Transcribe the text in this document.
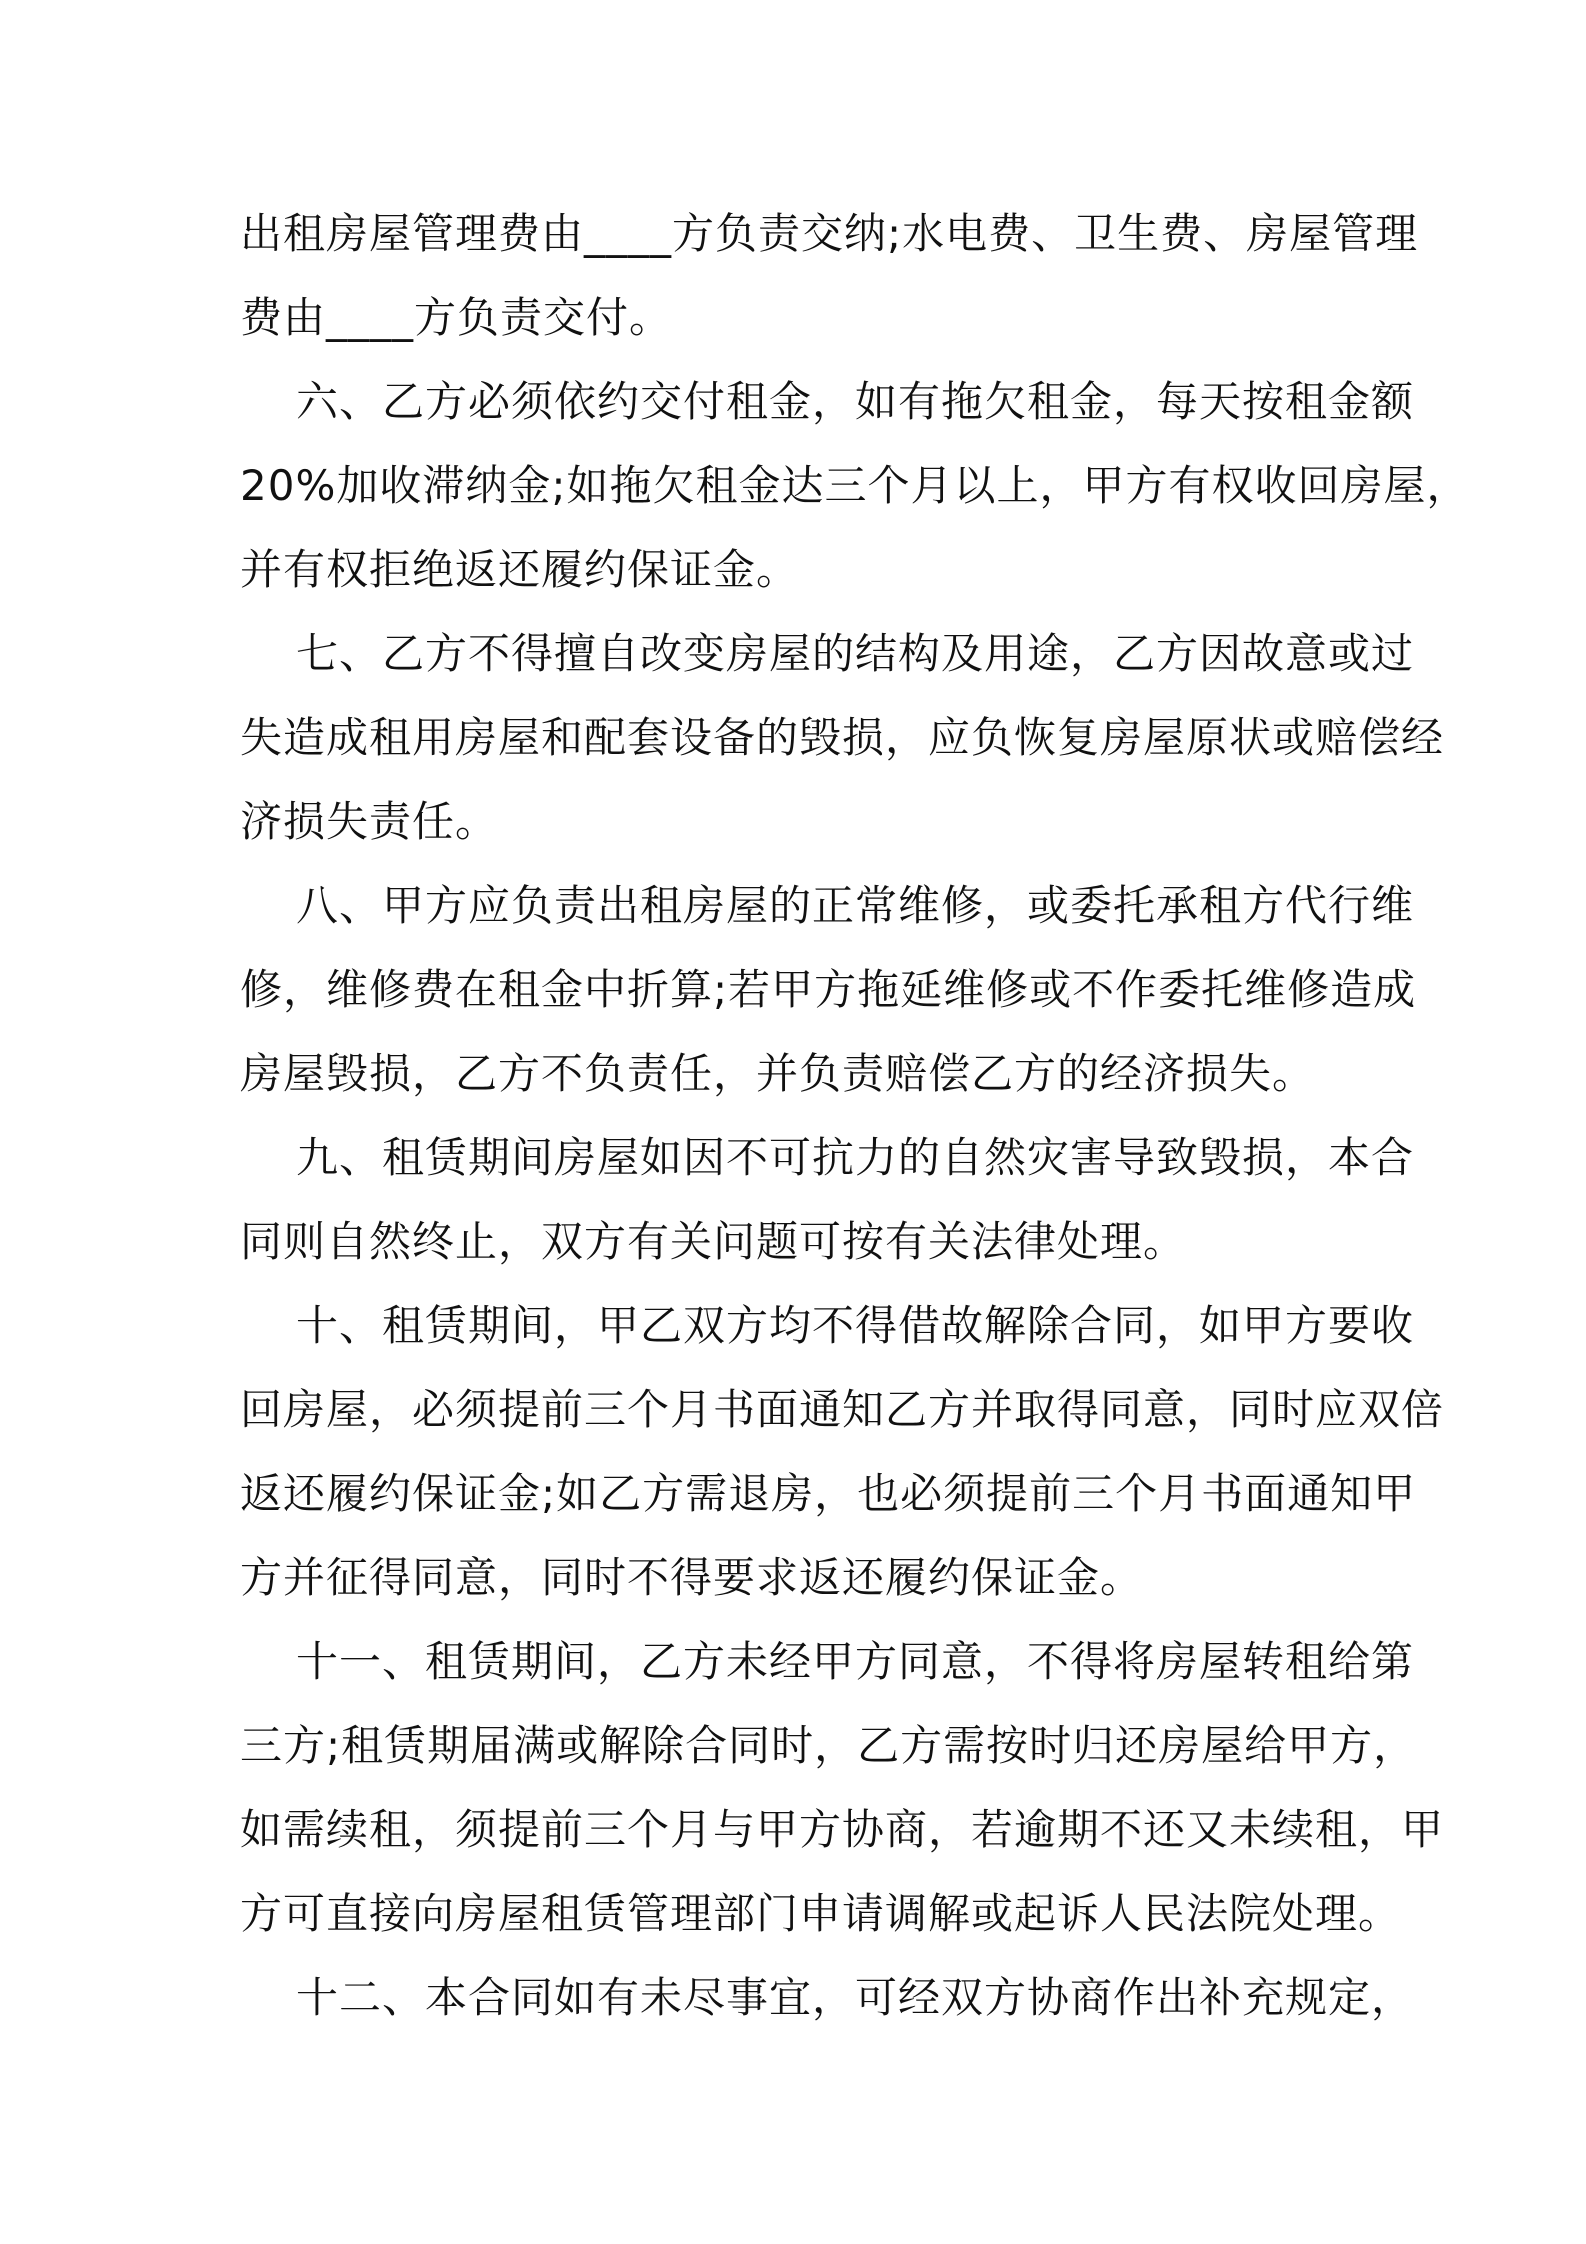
出租房屋管理费由____方负责交纳;水电费、卫生费、房屋管理
费由____方负责交付。

六、乙方必须依约交付租金，如有拖欠租金，每天按租金额
20%加收滞纳金;如拖欠租金达三个月以上，甲方有权收回房屋，
并有权拒绝返还履约保证金。

七、乙方不得擅自改变房屋的结构及用途，乙方因故意或过
失造成租用房屋和配套设备的毁损，应负恢复房屋原状或赔偿经
济损失责任。

八、甲方应负责出租房屋的正常维修，或委托承租方代行维
修，维修费在租金中折算;若甲方拖延维修或不作委托维修造成
房屋毁损，乙方不负责任，并负责赔偿乙方的经济损失。

九、租赁期间房屋如因不可抗力的自然灾害导致毁损，本合
同则自然终止，双方有关问题可按有关法律处理。

十、租赁期间，甲乙双方均不得借故解除合同，如甲方要收
回房屋，必须提前三个月书面通知乙方并取得同意，同时应双倍
返还履约保证金;如乙方需退房，也必须提前三个月书面通知甲
方并征得同意，同时不得要求返还履约保证金。

十一、租赁期间，乙方未经甲方同意，不得将房屋转租给第
三方;租赁期届满或解除合同时，乙方需按时归还房屋给甲方，
如需续租，须提前三个月与甲方协商，若逾期不还又未续租，甲
方可直接向房屋租赁管理部门申请调解或起诉人民法院处理。

十二、本合同如有未尽事宜，可经双方协商作出补充规定，
